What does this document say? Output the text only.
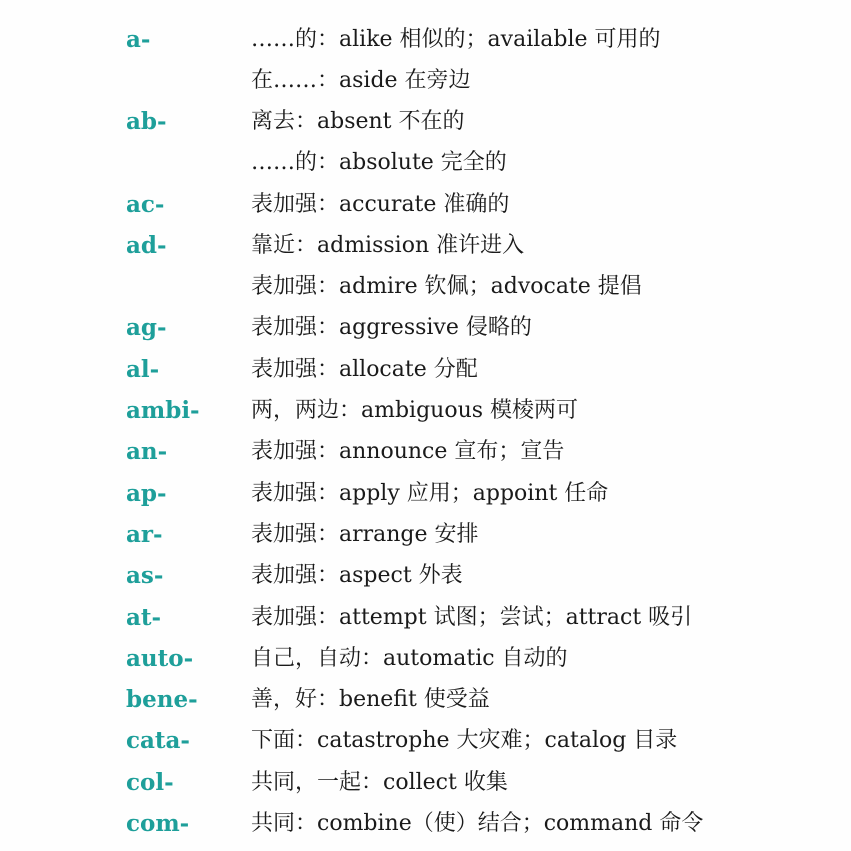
a-	……的：alike 相似的；available 可用的
在……：aside 在旁边
ab-	离去：absent 不在的
……的：absolute 完全的
ac-	表加强：accurate 准确的
ad-	靠近：admission 准许进入
表加强：admire 钦佩；advocate 提倡
ag-	表加强：aggressive 侵略的
al-	表加强：allocate 分配
ambi- 两，两边：ambiguous 模棱两可
an-	表加强：announce 宣布；宣告
ap-	表加强：apply 应用；appoint 任命
ar-	表加强：arrange 安排
as-	表加强：aspect 外表
at-	表加强：attempt 试图；尝试；attract 吸引
auto-	自己，自动：automatic 自动的
bene- 善，好：benefit 使受益
cata-	下面：catastrophe 大灾难；catalog 目录
col-	共同，一起：collect 收集
com-	共同：combine（使）结合；command 命令
